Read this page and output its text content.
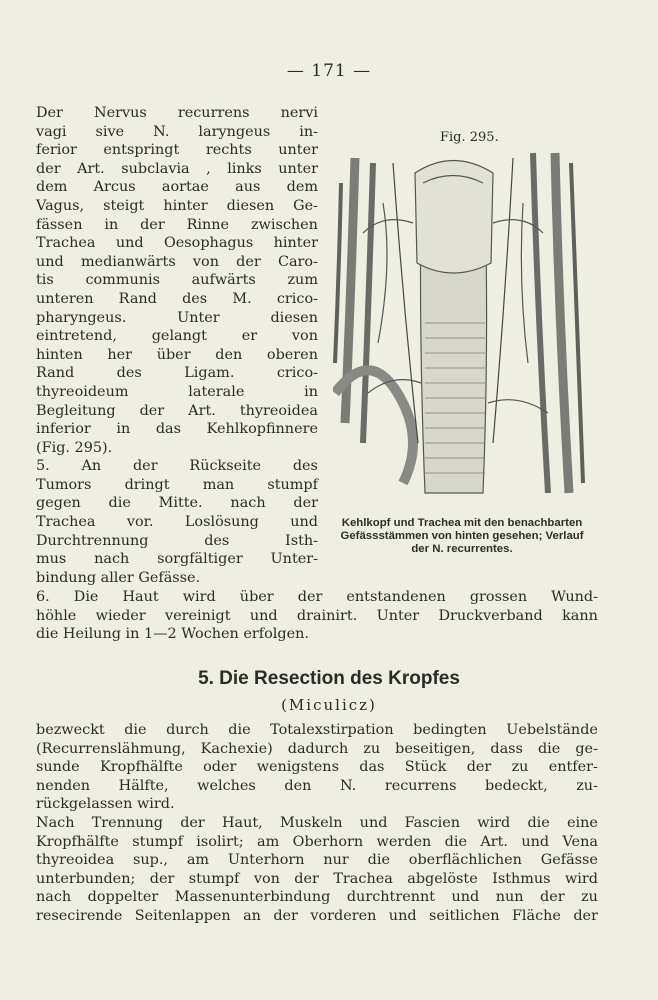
— 171 —
Fig. 295.
Kehlkopf und Trachea mit den benachbarten
Gefässstämmen von hinten gesehen; Verlauf
der N. recurrentes.
Der Nervus recurrens nervi
vagi sive N. laryngeus in-
ferior entspringt rechts unter
der Art. subclavia , links unter
dem Arcus aortae aus dem
Vagus, steigt hinter diesen Ge-
fässen in der Rinne zwischen
Trachea und Oesophagus hinter
und medianwärts von der Caro-
tis communis aufwärts zum
unteren Rand des M. crico-
pharyngeus.	Unter	diesen
eintretend, gelangt er von
hinten her über den oberen
Rand	des	Ligam.	crico-
thyreoideum	laterale	in
Begleitung der Art. thyreoidea
inferior in das Kehlkopfinnere
(Fig. 295).
5. An der Rückseite des
Tumors dringt man stumpf
gegen die Mitte. nach der
Trachea vor. Loslösung und
Durchtrennung	des	Isth-
mus nach sorgfältiger Unter-
bindung aller Gefässe.
6. Die Haut wird über der entstandenen grossen Wund-
höhle wieder vereinigt und drainirt. Unter Druckverband kann
die Heilung in 1—2 Wochen erfolgen.
5. Die Resection des Kropfes
(Miculicz)
bezweckt die durch die Totalexstirpation bedingten Uebelstände
(Recurrenslähmung, Kachexie) dadurch zu beseitigen, dass die ge-
sunde Kropfhälfte oder wenigstens das Stück der zu entfer-
nenden Hälfte, welches den N. recurrens bedeckt, zu-
rückgelassen wird.
Nach Trennung der Haut, Muskeln und Fascien wird die eine
Kropfhälfte stumpf isolirt; am Oberhorn werden die Art. und Vena
thyreoidea sup., am Unterhorn nur die oberflächlichen Gefässe
unterbunden; der stumpf von der Trachea abgelöste Isthmus wird
nach doppelter Massenunterbindung durchtrennt und nun der zu
resecirende Seitenlappen an der vorderen und seitlichen Fläche der
